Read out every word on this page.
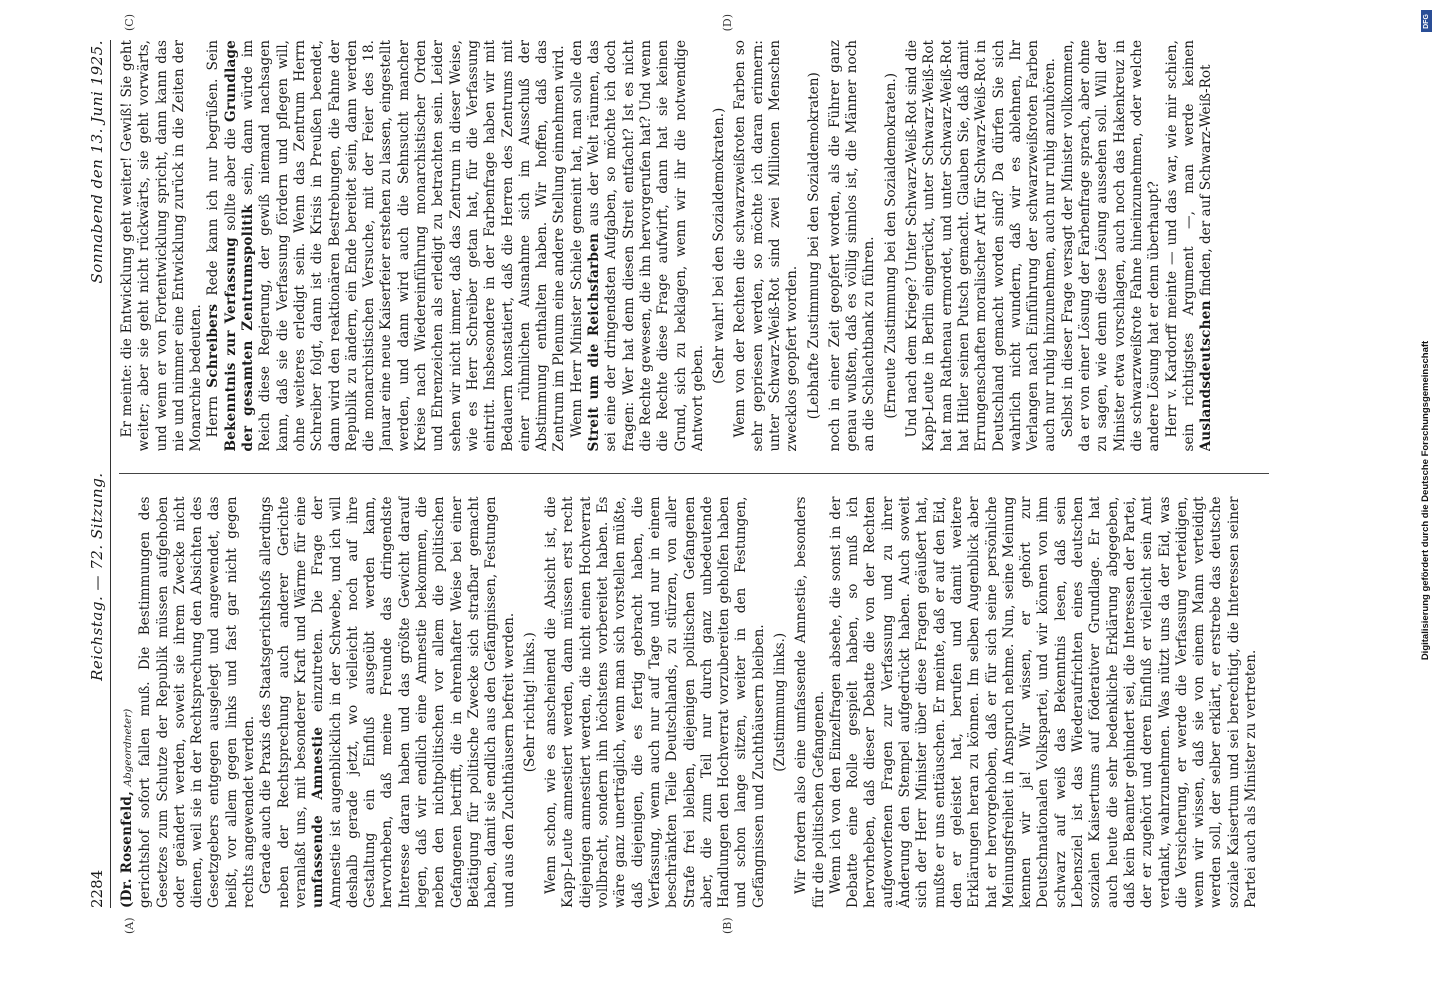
2284
Reichstag. — 72. Sitzung.
Sonnabend den 13. Juni 1925.
(A)	(B)

(Dr. Rosenfeld, Abgeordneter) gerichtshof sofort fallen muß. Die Bestimmungen des Gesetzes zum Schutze der Republik müssen aufgehoben oder geändert werden, soweit sie ihrem Zwecke nicht dienen, weil sie in der Rechtsprechung den Absichten des Gesetzgebers entgegen ausgelegt und angewendet, das heißt, vor allem gegen links und fast gar nicht gegen rechts angewendet werden. Gerade auch die Praxis des Staatsgerichtshofs allerdings neben der Rechtsprechung auch anderer Gerichte veranlaßt uns, mit besonderer Kraft und Wärme für eine umfassende Amnestie einzutreten. Die Frage der Amnestie ist augenblicklich in der Schwebe, und ich will deshalb gerade jetzt, wo vielleicht noch auf ihre Gestaltung ein Einfluß ausgeübt werden kann, hervorheben, daß meine Freunde das dringendste Interesse daran haben und das größte Gewicht darauf legen, daß wir endlich eine Amnestie bekommen, die neben den nichtpolitischen vor allem die politischen Gefangenen betrifft, die in ehrenhafter Weise bei einer Betätigung für politische Zwecke sich strafbar gemacht haben, damit sie endlich aus den Gefängnissen, Festungen und aus den Zuchthäusern befreit werden. (Sehr richtig! links.) Wenn schon, wie es anscheinend die Absicht ist, die Kapp-Leute amnestiert werden, dann müssen erst recht diejenigen amnestiert werden, die nicht einen Hochverrat vollbracht, sondern ihn höchstens vorbereitet haben. Es wäre ganz unerträglich, wenn man sich vorstellen müßte, daß diejenigen, die es fertig gebracht haben, die Verfassung, wenn auch nur auf Tage und nur in einem beschränkten Teile Deutschlands, zu stürzen, von aller Strafe frei bleiben, diejenigen politischen Gefangenen aber, die zum Teil nur durch ganz unbedeutende Handlungen den Hochverrat vorzubereiten geholfen haben und schon lange sitzen, weiter in den Festungen, Gefängnissen und Zuchthäusern bleiben. (Zustimmung links.) Wir fordern also eine umfassende Amnestie, besonders für die politischen Gefangenen. Wenn ich von den Einzelfragen absehe, die sonst in der Debatte eine Rolle gespielt haben, so muß ich hervorheben, daß dieser Debatte die von der Rechten aufgeworfenen Fragen zur Verfassung und zu ihrer Änderung den Stempel aufgedrückt haben. Auch soweit sich der Herr Minister über diese Fragen geäußert hat, mußte er uns enttäuschen. Er meinte, daß er auf den Eid, den er geleistet hat, berufen und damit weitere Erklärungen heran zu können. Im selben Augenblick aber hat er hervorgehoben, daß er für sich seine persönliche Meinungsfreiheit in Anspruch nehme. Nun, seine Meinung kennen wir ja! Wir wissen, er gehört zur Deutschnationalen Volkspartei, und wir können von ihm schwarz auf weiß das Bekenntnis lesen, daß sein Lebensziel ist das Wiederaufrichten eines deutschen sozialen Kaisertums auf föderativer Grundlage. Er hat auch heute die sehr bedenkliche Erklärung abgegeben, daß kein Beamter gehindert sei, die Interessen der Partei, der er zugehört und deren Einfluß er vielleicht sein Amt verdankt, wahrzunehmen. Was nützt uns da der Eid, was die Versicherung, er werde die Verfassung verteidigen, wenn wir wissen, daß sie von einem Mann verteidigt werden soll, der selber erklärt, er erstrebe das deutsche soziale Kaisertum und sei berechtigt, die Interessen seiner Partei auch als Minister zu vertreten.

(C)	(D)

Er meinte: die Entwicklung geht weiter! Gewiß! Sie geht weiter; aber sie geht nicht rückwärts, sie geht vorwärts, und wenn er von Fortentwicklung spricht, dann kann das nie und nimmer eine Entwicklung zurück in die Zeiten der Monarchie bedeuten. Herrn Schreibers Rede kann ich nur begrüßen. Sein Bekenntnis zur Verfassung sollte aber die Grundlage der gesamten Zentrumspolitik sein, dann würde im Reich diese Regierung, der gewiß niemand nachsagen kann, daß sie die Verfassung fördern und pflegen will, ohne weiteres erledigt sein. Wenn das Zentrum Herrn Schreiber folgt, dann ist die Krisis in Preußen beendet, dann wird den reaktionären Bestrebungen, die Fahne der Republik zu ändern, ein Ende bereitet sein, dann werden die monarchistischen Versuche, mit der Feier des 18. Januar eine neue Kaiserfeier erstehen zu lassen, eingestellt werden, und dann wird auch die Sehnsucht mancher Kreise nach Wiedereinführung monarchistischer Orden und Ehrenzeichen als erledigt zu betrachten sein. Leider sehen wir nicht immer, daß das Zentrum in dieser Weise, wie es Herr Schreiber getan hat, für die Verfassung eintritt. Insbesondere in der Farbenfrage haben wir mit Bedauern konstatiert, daß die Herren des Zentrums mit einer rühmlichen Ausnahme sich im Ausschuß der Abstimmung enthalten haben. Wir hoffen, daß das Zentrum im Plenum eine andere Stellung einnehmen wird. Wenn Herr Minister Schiele gemeint hat, man solle den Streit um die Reichsfarben aus der Welt räumen, das sei eine der dringendsten Aufgaben, so möchte ich doch fragen: Wer hat denn diesen Streit entfacht? Ist es nicht die Rechte gewesen, die ihn hervorgerufen hat? Und wenn die Rechte diese Frage aufwirft, dann hat sie keinen Grund, sich zu beklagen, wenn wir ihr die notwendige Antwort geben.

(Sehr wahr! bei den Sozialdemokraten.) Wenn von der Rechten die schwarzweißroten Farben so sehr gepriesen werden, so möchte ich daran erinnern: unter Schwarz-Weiß-Rot sind zwei Millionen Menschen zwecklos geopfert worden. (Lebhafte Zustimmung bei den Sozialdemokraten) noch in einer Zeit geopfert worden, als die Führer ganz genau wußten, daß es völlig sinnlos ist, die Männer noch an die Schlachtbank zu führen. (Erneute Zustimmung bei den Sozialdemokraten.) Und nach dem Kriege? Unter Schwarz-Weiß-Rot sind die Kapp-Leute in Berlin eingerückt, unter Schwarz-Weiß-Rot hat man Rathenau ermordet, und unter Schwarz-Weiß-Rot hat Hitler seinen Putsch gemacht. Glauben Sie, daß damit Errungenschaften moralischer Art für Schwarz-Weiß-Rot in Deutschland gemacht worden sind? Da dürfen Sie sich wahrlich nicht wundern, daß wir es ablehnen, Ihr Verlangen nach Einführung der schwarzweißroten Farben auch nur ruhig hinzunehmen, auch nur ruhig anzuhören. Selbst in dieser Frage versagt der Minister vollkommen, da er von einer Lösung der Farbenfrage sprach, aber ohne zu sagen, wie denn diese Lösung aussehen soll. Will der Minister etwa vorschlagen, auch noch das Hakenkreuz in die schwarzweißrote Fahne hineinzunehmen, oder welche andere Lösung hat er denn überhaupt? Herr v. Kardorff meinte — und das war, wie mir schien, sein richtigstes Argument —, man werde keinen Auslandsdeutschen finden, der auf Schwarz-Weiß-Rot

DFG
Digitalisierung gefördert durch die Deutsche Forschungsgemeinschaft
